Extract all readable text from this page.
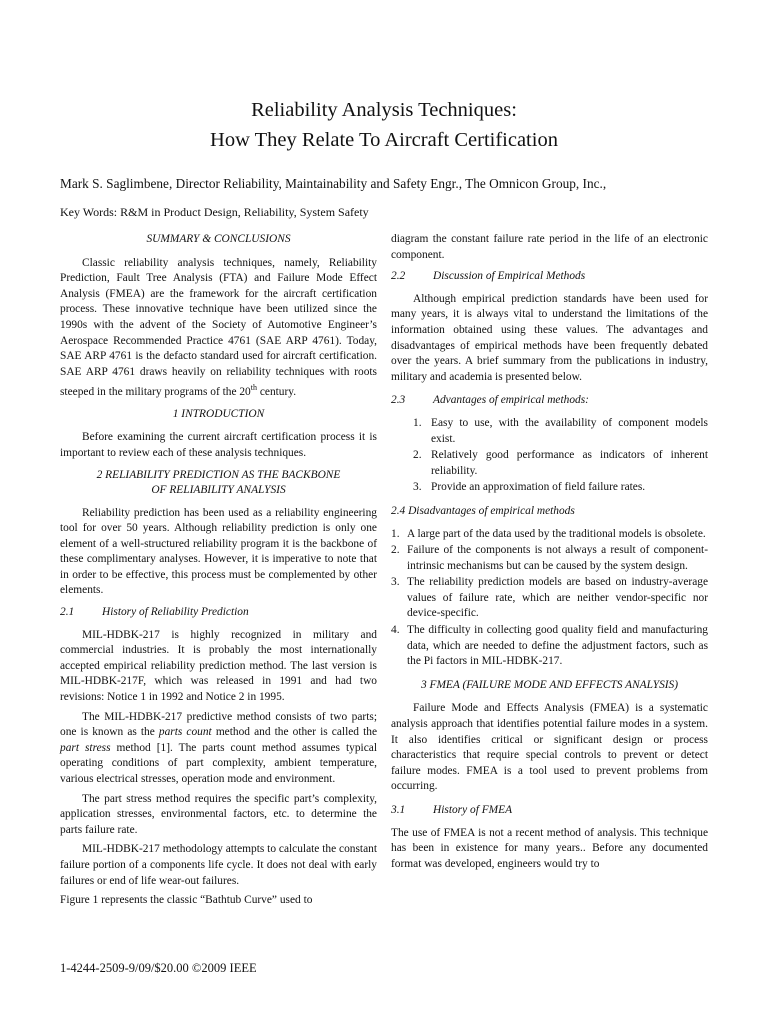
Reliability Analysis Techniques:
How They Relate To Aircraft Certification
Mark S. Saglimbene, Director Reliability, Maintainability and Safety Engr., The Omnicon Group, Inc.,
Key Words: R&M in Product Design, Reliability, System Safety
SUMMARY & CONCLUSIONS

Classic reliability analysis techniques, namely, Reliability Prediction, Fault Tree Analysis (FTA) and Failure Mode Effect Analysis (FMEA) are the framework for the aircraft certification process. These innovative technique have been utilized since the 1990s with the advent of the Society of Automotive Engineer’s Aerospace Recommended Practice 4761 (SAE ARP 4761). Today, SAE ARP 4761 is the defacto standard used for aircraft certification. SAE ARP 4761 draws heavily on reliability techniques with roots steeped in the military programs of the 20th century.

1 INTRODUCTION

Before examining the current aircraft certification process it is important to review each of these analysis techniques.

2 RELIABILITY PREDICTION AS THE BACKBONE OF RELIABILITY ANALYSIS

Reliability prediction has been used as a reliability engineering tool for over 50 years. Although reliability prediction is only one element of a well-structured reliability program it is the backbone of these complimentary analyses. However, it is imperative to note that in order to be effective, this process must be complemented by other elements.

2.1	History of Reliability Prediction

MIL-HDBK-217 is highly recognized in military and commercial industries. It is probably the most internationally accepted empirical reliability prediction method. The last version is MIL-HDBK-217F, which was released in 1991 and had two revisions: Notice 1 in 1992 and Notice 2 in 1995.

The MIL-HDBK-217 predictive method consists of two parts; one is known as the parts count method and the other is called the part stress method [1]. The parts count method assumes typical operating conditions of part complexity, ambient temperature, various electrical stresses, operation mode and environment.

The part stress method requires the specific part’s complexity, application stresses, environmental factors, etc. to determine the parts failure rate.

MIL-HDBK-217 methodology attempts to calculate the constant failure portion of a components life cycle. It does not deal with early failures or end of life wear-out failures.

Figure 1 represents the classic “Bathtub Curve” used to

diagram the constant failure rate period in the life of an electronic component.

2.2	Discussion of Empirical Methods

Although empirical prediction standards have been used for many years, it is always vital to understand the limitations of the information obtained using these values. The advantages and disadvantages of empirical methods have been frequently debated over the years. A brief summary from the publications in industry, military and academia is presented below.

2.3	Advantages of empirical methods:
1. Easy to use, with the availability of component models exist.
2. Relatively good performance as indicators of inherent reliability.
3. Provide an approximation of field failure rates.
2.4 Disadvantages of empirical methods
1. A large part of the data used by the traditional models is obsolete.
2. Failure of the components is not always a result of component-intrinsic mechanisms but can be caused by the system design.
3. The reliability prediction models are based on industry-average values of failure rate, which are neither vendor-specific nor device-specific.
4. The difficulty in collecting good quality field and manufacturing data, which are needed to define the adjustment factors, such as the Pi factors in MIL-HDBK-217.
3 FMEA (FAILURE MODE AND EFFECTS ANALYSIS)

Failure Mode and Effects Analysis (FMEA) is a systematic analysis approach that identifies potential failure modes in a system. It also identifies critical or significant design or process characteristics that require special controls to prevent or detect failure modes. FMEA is a tool used to prevent problems from occurring.

3.1	History of FMEA

The use of FMEA is not a recent method of analysis. This technique has been in existence for many years.. Before any documented format was developed, engineers would try to

1-4244-2509-9/09/$20.00 ©2009 IEEE
